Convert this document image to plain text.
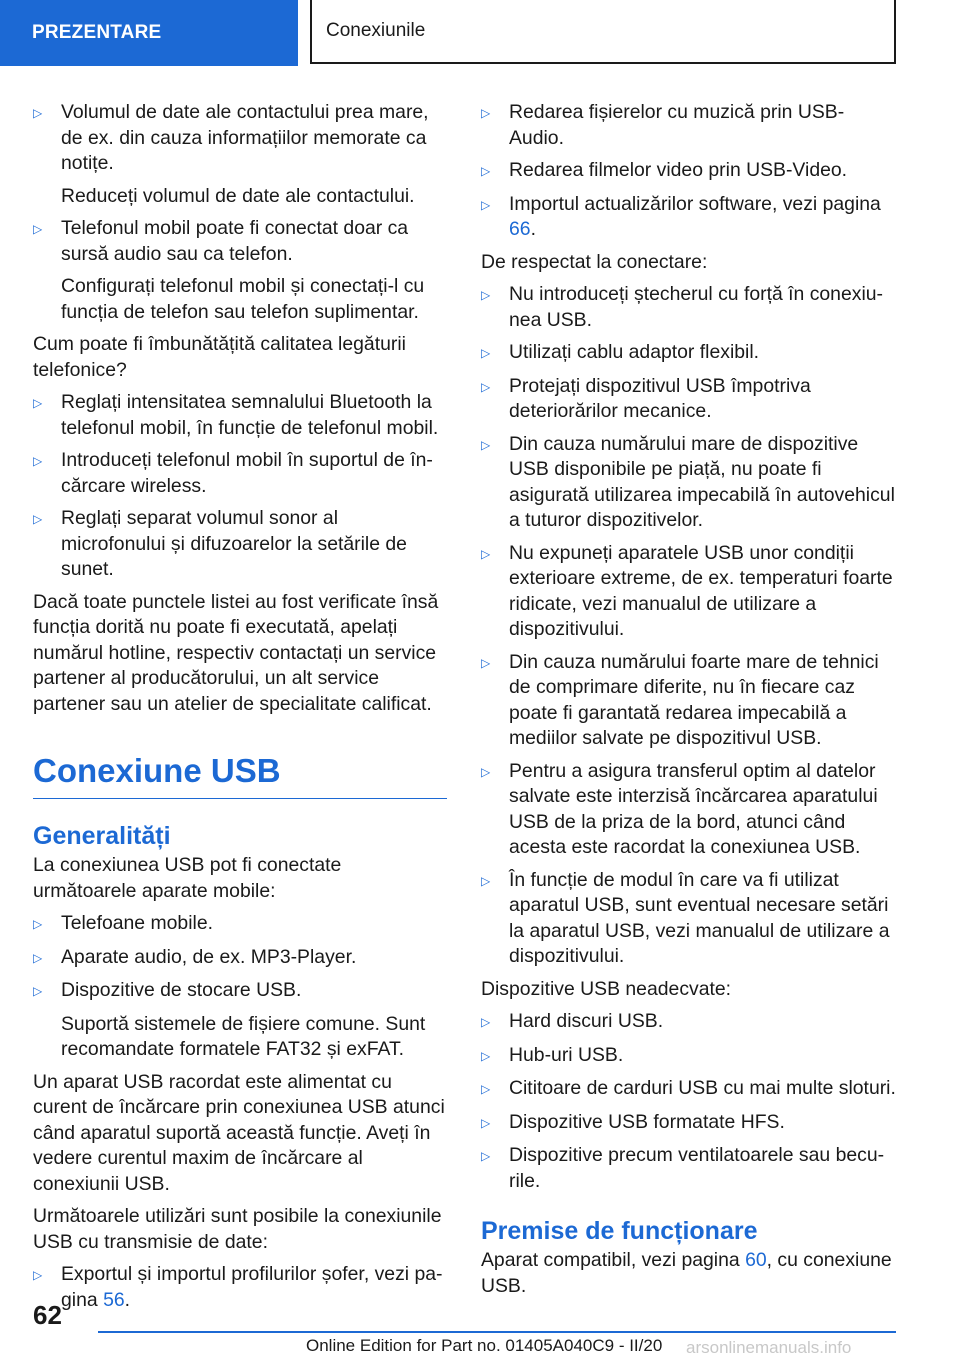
PREZENTARE	Conexiunile
▷ Volumul de date ale contactului prea mare, de ex. din cauza informațiilor memorate ca notițe.

Reduceți volumul de date ale contactului.

▷ Telefonul mobil poate fi conectat doar ca sursă audio sau ca telefon.

Configurați telefonul mobil și conectați-l cu funcția de telefon sau telefon suplimentar.

Cum poate fi îmbunătățită calitatea legăturii telefonice?

▷ Reglați intensitatea semnalului Bluetooth la telefonul mobil, în funcție de telefonul mobil.
▷ Introduceți telefonul mobil în suportul de încărcare wireless.
▷ Reglați separat volumul sonor al microfonului și difuzoarelor la setările de sunet.

Dacă toate punctele listei au fost verificate însă funcția dorită nu poate fi executată, apelați numărul hotline, respectiv contactați un service partener al producătorului, un alt service partener sau un atelier de specialitate calificat.

Conexiune USB
Generalități

La conexiunea USB pot fi conectate următoarele aparate mobile:

▷ Telefoane mobile.
▷ Aparate audio, de ex. MP3-Player.
▷ Dispozitive de stocare USB.

Suportă sistemele de fișiere comune. Sunt recomandate formatele FAT32 și exFAT.

Un aparat USB racordat este alimentat cu curent de încărcare prin conexiunea USB atunci când aparatul suportă această funcție. Aveți în vedere curentul maxim de încărcare al conexiunii USB.

Următoarele utilizări sunt posibile la conexiunile USB cu transmisie de date:

▷ Exportul și importul profilurilor șofer, vezi pagina 56.
▷ Redarea fișierelor cu muzică prin USB-Audio.
▷ Redarea filmelor video prin USB-Video.
▷ Importul actualizărilor software, vezi pagina 66.

De respectat la conectare:

▷ Nu introduceți ștecherul cu forță în conexiunea USB.
▷ Utilizați cablu adaptor flexibil.
▷ Protejați dispozitivul USB împotriva deteriorărilor mecanice.
▷ Din cauza numărului mare de dispozitive USB disponibile pe piață, nu poate fi asigurată utilizarea impecabilă în autovehicul a tuturor dispozitivelor.
▷ Nu expuneți aparatele USB unor condiții exterioare extreme, de ex. temperaturi foarte ridicate, vezi manualul de utilizare a dispozitivului.
▷ Din cauza numărului foarte mare de tehnici de comprimare diferite, nu în fiecare caz poate fi garantată redarea impecabilă a mediilor salvate pe dispozitivul USB.
▷ Pentru a asigura transferul optim al datelor salvate este interzisă încărcarea aparatului USB de la priza de la bord, atunci când acesta este racordat la conexiunea USB.
▷ În funcție de modul în care va fi utilizat aparatul USB, sunt eventual necesare setări la aparatul USB, vezi manualul de utilizare a dispozitivului.

Dispozitive USB neadecvate:

▷ Hard discuri USB.
▷ Hub-uri USB.
▷ Cititoare de carduri USB cu mai multe sloturi.
▷ Dispozitive USB formatate HFS.
▷ Dispozitive precum ventilatoarele sau becurile.
Premise de funcționare

Aparat compatibil, vezi pagina 60, cu conexiune USB.

62
Online Edition for Part no. 01405A040C9 - II/20 arsonlinemanuals.info
